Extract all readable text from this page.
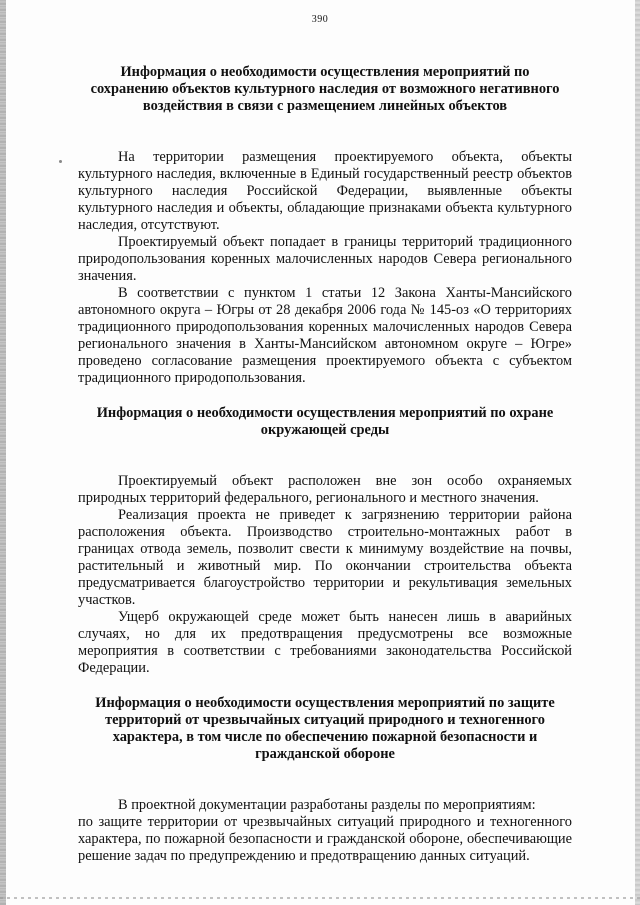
390

Информация о необходимости осуществления мероприятий по сохранению объектов культурного наследия от возможного негативного воздействия в связи с размещением линейных объектов

На территории размещения проектируемого объекта, объекты культурного наследия, включенные в Единый государственный реестр объектов культурного наследия Российской Федерации, выявленные объекты культурного наследия и объекты, обладающие признаками объекта культурного наследия, отсутствуют.

Проектируемый объект попадает в границы территорий традиционного природопользования коренных малочисленных народов Севера регионального значения.

В соответствии с пунктом 1 статьи 12 Закона Ханты-Мансийского автономного округа – Югры от 28 декабря 2006 года № 145-оз «О территориях традиционного природопользования коренных малочисленных народов Севера регионального значения в Ханты-Мансийском автономном округе – Югре» проведено согласование размещения проектируемого объекта с субъектом традиционного природопользования.

Информация о необходимости осуществления мероприятий по охране окружающей среды

Проектируемый объект расположен вне зон особо охраняемых природных территорий федерального, регионального и местного значения.

Реализация проекта не приведет к загрязнению территории района расположения объекта. Производство строительно-монтажных работ в границах отвода земель, позволит свести к минимуму воздействие на почвы, растительный и животный мир. По окончании строительства объекта предусматривается благоустройство территории и рекультивация земельных участков.

Ущерб окружающей среде может быть нанесен лишь в аварийных случаях, но для их предотвращения предусмотрены все возможные мероприятия в соответствии с требованиями законодательства Российской Федерации.

Информация о необходимости осуществления мероприятий по защите территорий от чрезвычайных ситуаций природного и техногенного характера, в том числе по обеспечению пожарной безопасности и гражданской обороне

В проектной документации разработаны разделы по мероприятиям:

по защите территории от чрезвычайных ситуаций природного и техногенного характера, по пожарной безопасности и гражданской обороне, обеспечивающие решение задач по предупреждению и предотвращению данных ситуаций.
